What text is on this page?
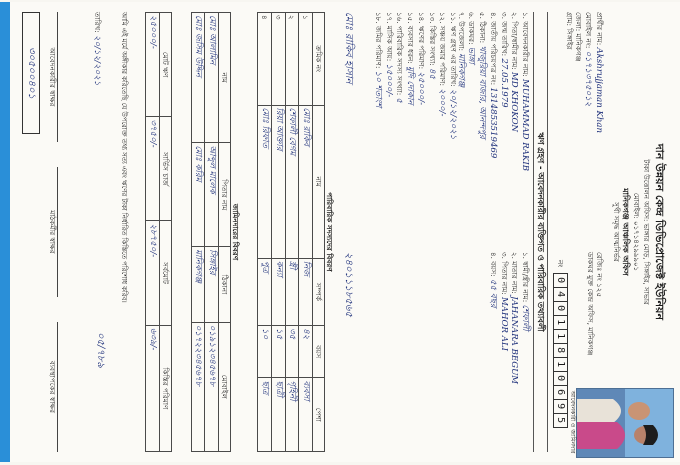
দান উন্নয়ন কেন্দ্র ডিভিপ্রোজেক্ট ইউনিয়ন
টাকা উত্তোলন অফিস: ভাঙ্গার মোড়, সিঙ্গাইর, সাভার
মোবাইল: ০১৭১৪২৯৯৯০১
মানিকগঞ্জ আঞ্চলিক অফিস
সুখী সমৃদ্ধ আত্মনির্ভর
প্রার্থীর নাম: Akshrujjaman Khan
মোবাইল নং: ০১৭১৩৭৫০১২
জেলা: মানিকগঞ্জ
গ্রাম: সিঙ্গাইর
রেজিঃ নং ১২৫
ডাকঘর মুক্ত কেন্দ্র অফিস, মানিকগঞ্জ
আবেদনকারী ও জামিনদার
নং 04011810695
ঋণ গ্রহণ - আবেদনকারীর ব্যক্তিগত ও পারিবারিক তথ্যাবলী
১. আবেদনকারীর নাম: MUHAMMAD RAKIB
২. পিতা/স্বামীর নাম: MD KHOKON
৩. জন্ম তারিখ: 27.05.1979
৪. জাতীয় পরিচয়পত্র নং: 1314853519469
৫. ঠিকানা: খাজুরিয়া বাজার, আনন্দপুর
৬. ডাকঘর: ভাঙ্গা
৭. উপজেলা: মানিকগঞ্জ
১. স্বামী/স্ত্রীর নাম: শেফালী
২. মাতার নাম: JAHANARA BEGUM
৩. পিতার নাম: MAHOR ALI
৪. বয়স: ৫৫ বছর
১১. ঋণ গ্রহণ এর তারিখ: ২০/১২/২০২১
১২. সঞ্চয় জমার পরিমাণ: ২০০০/-
১৩. কিস্তির সংখ্যা: ৪৫
১৪. ঋণের পরিমাণ: ২৫০০০/-
১৫. ব্যবসার ধরন: মুদি দোকান
১৬. পারিবারিক সদস্য সংখ্যা: ৫
১৭. মাসিক আয়: ১৫০০০/-
১৮. জমির পরিমাণ: ১০ শতাংশ
মোঃ রাকিব হাসান
২৪০১১১৮৫৬৫
পারিবারিক সদস্যদের বিবরণ
ক্রমিক নং	নাম	সম্পর্ক	বয়স	পেশা
১	মোঃ রাকিব	নিজ	৪২	ব্যবসা
২	শেফালী বেগম	স্ত্রী	৩৫	গৃহিনী
৩	রিয়া আক্তার	কন্যা	১৫	ছাত্রী
৪	মোঃ রিফাত	পুত্র	১০	ছাত্র
জামিনদারের বিবরণ
নাম	পিতার নাম	ঠিকানা	মোবাইল
মোঃ আলামিন	আব্দুল মালেক	সিঙ্গাইর	০১৯১২৩৪৫৬৭৮
মোঃ জসিম উদ্দিন	মোঃ করিম	মানিকগঞ্জ	০১৭২২৩৪৫৬৭৮
মোট ঋণ	সার্ভিস চার্জ	সর্বমোট	কিস্তির পরিমাণ
২৫০০০/-	৩৭৫০/-	২৮৭৫০/-	৬৩৯/-
আমি এই মর্মে অঙ্গীকার করিতেছি যে উপরোক্ত তথ্য সত্য এবং ঋণের টাকা নির্ধারিত কিস্তিতে পরিশোধ করিব।
তারিখ: ২০/১২/২০২১
০৫/৭৮৯
আবেদনকারীর স্বাক্ষর
মাঠকর্মীর স্বাক্ষর
ব্যবস্থাপকের স্বাক্ষর
৩০৫০০৪০১
